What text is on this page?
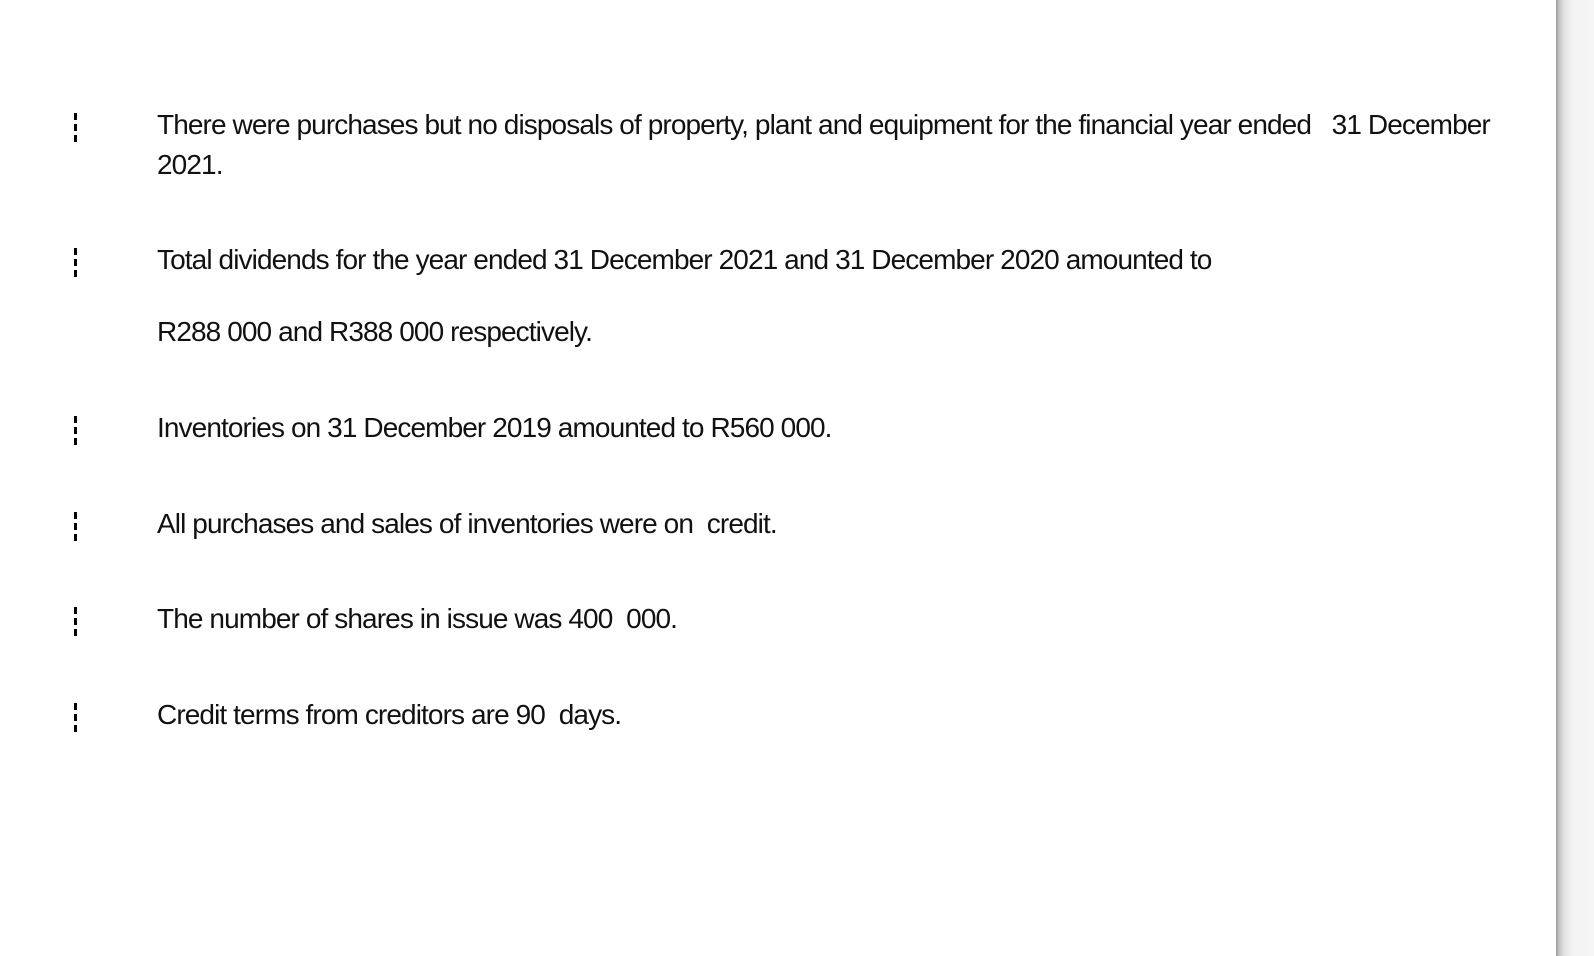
There were purchases but no disposals of property, plant and equipment for the financial year ended   31 December
2021.

Total dividends for the year ended 31 December 2021 and 31 December 2020 amounted to
R288 000 and R388 000 respectively.

Inventories on 31 December 2019 amounted to R560 000.

All purchases and sales of inventories were on  credit.

The number of shares in issue was 400  000.

Credit terms from creditors are 90  days.
